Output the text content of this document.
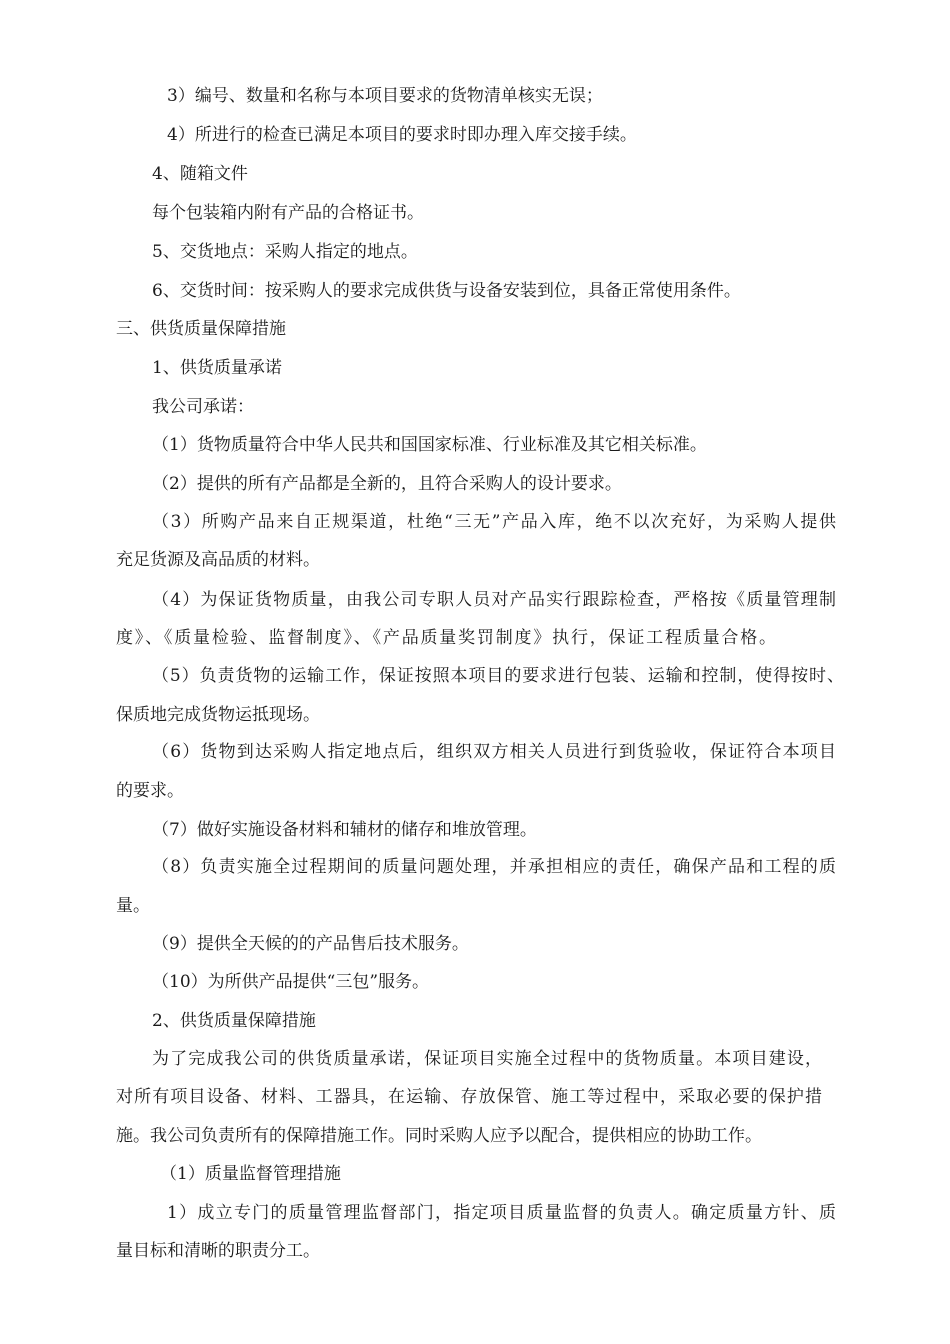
3）编号、数量和名称与本项目要求的货物清单核实无误；
4）所进行的检查已满足本项目的要求时即办理入库交接手续。
4、随箱文件
每个包装箱内附有产品的合格证书。
5、交货地点：采购人指定的地点。
6、交货时间：按采购人的要求完成供货与设备安装到位，具备正常使用条件。
三、供货质量保障措施
1、供货质量承诺
我公司承诺：
（1）货物质量符合中华人民共和国国家标准、行业标准及其它相关标准。
（2）提供的所有产品都是全新的，且符合采购人的设计要求。
（3）所购产品来自正规渠道，杜绝“三无”产品入库，绝不以次充好，为采购人提供
充足货源及高品质的材料。
（4）为保证货物质量，由我公司专职人员对产品实行跟踪检查，严格按《质量管理制
度》、《质量检验、监督制度》、《产品质量奖罚制度》执行，保证工程质量合格。
（5）负责货物的运输工作，保证按照本项目的要求进行包装、运输和控制，使得按时、
保质地完成货物运抵现场。
（6）货物到达采购人指定地点后，组织双方相关人员进行到货验收，保证符合本项目
的要求。
（7）做好实施设备材料和辅材的储存和堆放管理。
（8）负责实施全过程期间的质量问题处理，并承担相应的责任，确保产品和工程的质
量。
（9）提供全天候的的产品售后技术服务。
（10）为所供产品提供“三包”服务。
2、供货质量保障措施
为了完成我公司的供货质量承诺，保证项目实施全过程中的货物质量。本项目建设，
对所有项目设备、材料、工器具，在运输、存放保管、施工等过程中，采取必要的保护措
施。我公司负责所有的保障措施工作。同时采购人应予以配合，提供相应的协助工作。
（1）质量监督管理措施
1）成立专门的质量管理监督部门，指定项目质量监督的负责人。确定质量方针、质
量目标和清晰的职责分工。
